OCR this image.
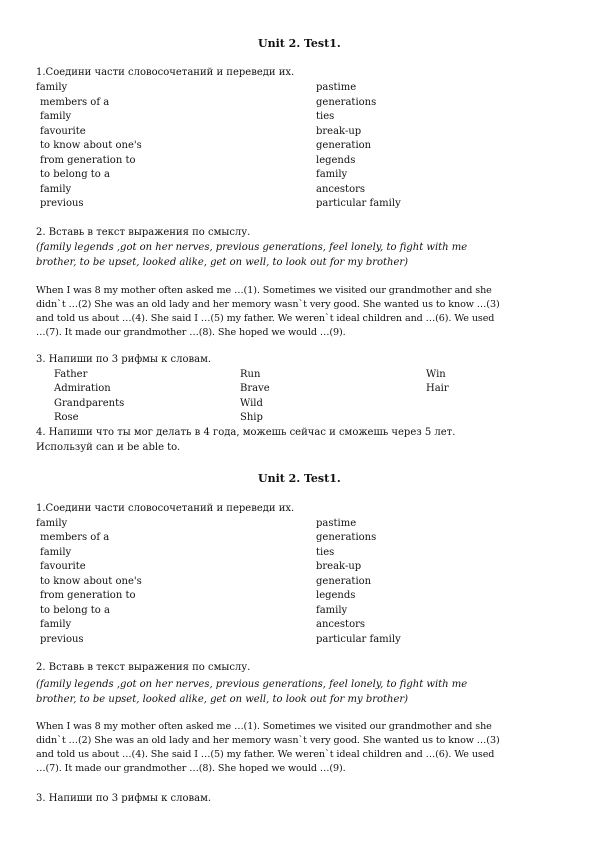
Unit 2. Test1.
1.Соедини части словосочетаний и переведи их.
family
members of a
family
favourite
to know about one's
from generation to
to belong to a
family
previous
pastime
generations
ties
break-up
generation
legends
family
ancestors
particular family
2. Вставь в текст выражения по смыслу.
(family legends ,got on her nerves, previous generations, feel lonely, to fight with me
brother, to be upset, looked alike, get on well, to look out for my brother)
When I was 8 my mother often asked me …(1). Sometimes we visited our grandmother and she
didn`t …(2) She was an old lady and her memory wasn`t very good. She wanted us to know …(3)
and told us about …(4). She said I …(5) my father. We weren`t ideal children and …(6). We used
…(7). It made our grandmother …(8). She hoped we would …(9).
3. Напиши по 3 рифмы к словам.
Father
Admiration
Grandparents
Rose
Run
Brave
Wild
Ship
Win
Hair
4. Напиши что ты мог делать в 4 года, можешь сейчас и сможешь через 5 лет.
Используй can и be able to.
Unit 2. Test1.
1.Соедини части словосочетаний и переведи их.
family
members of a
family
favourite
to know about one's
from generation to
to belong to a
family
previous
pastime
generations
ties
break-up
generation
legends
family
ancestors
particular family
2. Вставь в текст выражения по смыслу.
(family legends ,got on her nerves, previous generations, feel lonely, to fight with me
brother, to be upset, looked alike, get on well, to look out for my brother)
When I was 8 my mother often asked me …(1). Sometimes we visited our grandmother and she
didn`t …(2) She was an old lady and her memory wasn`t very good. She wanted us to know …(3)
and told us about …(4). She said I …(5) my father. We weren`t ideal children and …(6). We used
…(7). It made our grandmother …(8). She hoped we would …(9).
3. Напиши по 3 рифмы к словам.
